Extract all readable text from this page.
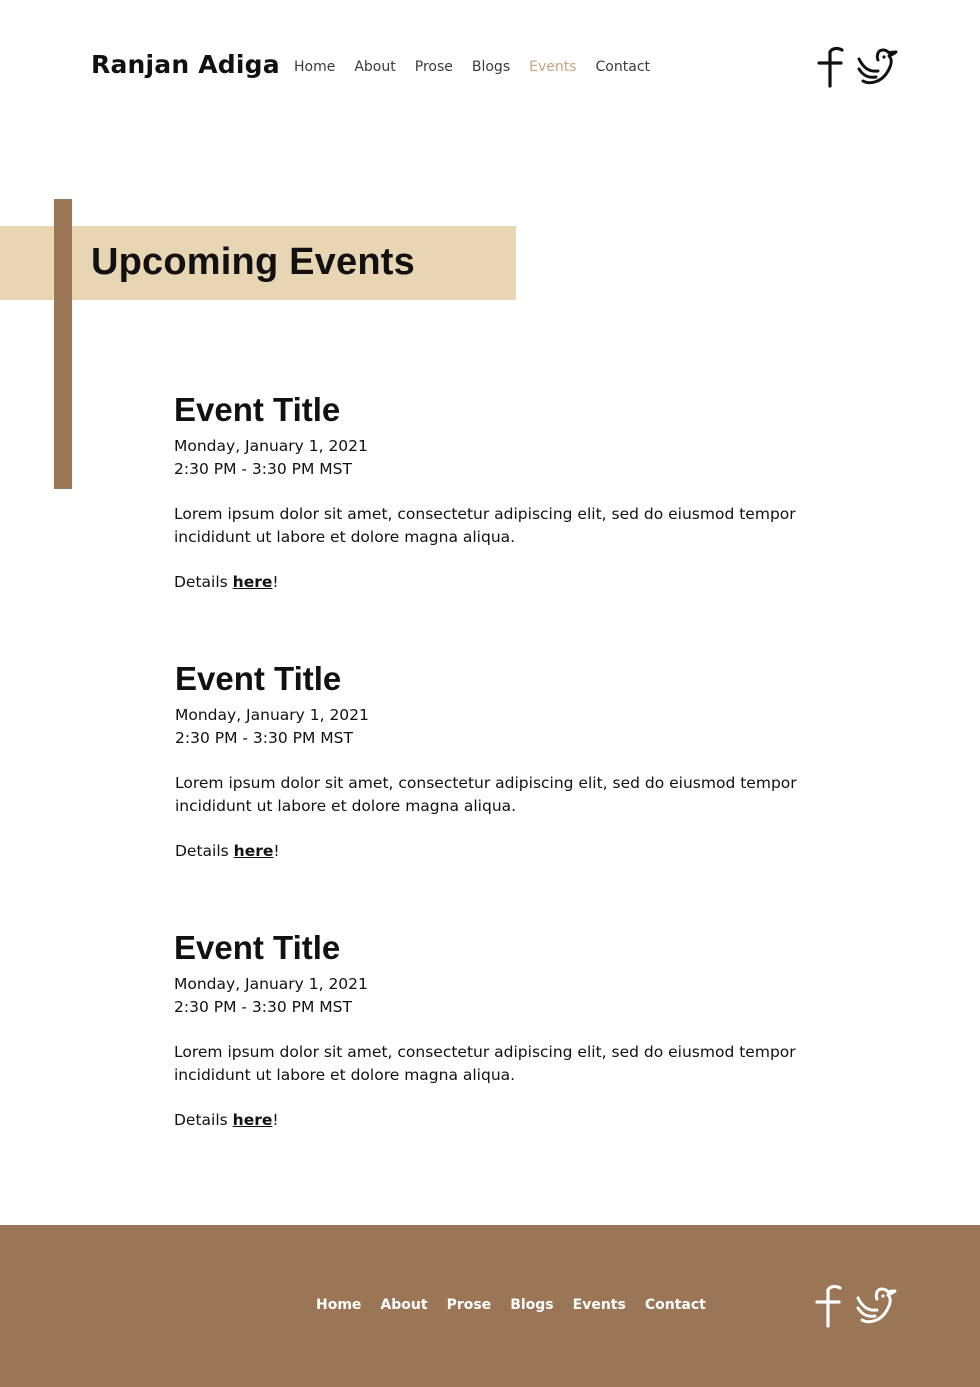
Ranjan Adiga Home About Prose Blogs Events Contact
Upcoming Events
Event Title

Monday, January 1, 2021
2:30 PM - 3:30 PM MST

Lorem ipsum dolor sit amet, consectetur adipiscing elit, sed do eiusmod tempor incididunt ut labore et dolore magna aliqua.

Details here!

Event Title

Monday, January 1, 2021
2:30 PM - 3:30 PM MST

Lorem ipsum dolor sit amet, consectetur adipiscing elit, sed do eiusmod tempor incididunt ut labore et dolore magna aliqua.

Details here!

Event Title

Monday, January 1, 2021
2:30 PM - 3:30 PM MST

Lorem ipsum dolor sit amet, consectetur adipiscing elit, sed do eiusmod tempor incididunt ut labore et dolore magna aliqua.

Details here!

Home About Prose Blogs Events Contact
